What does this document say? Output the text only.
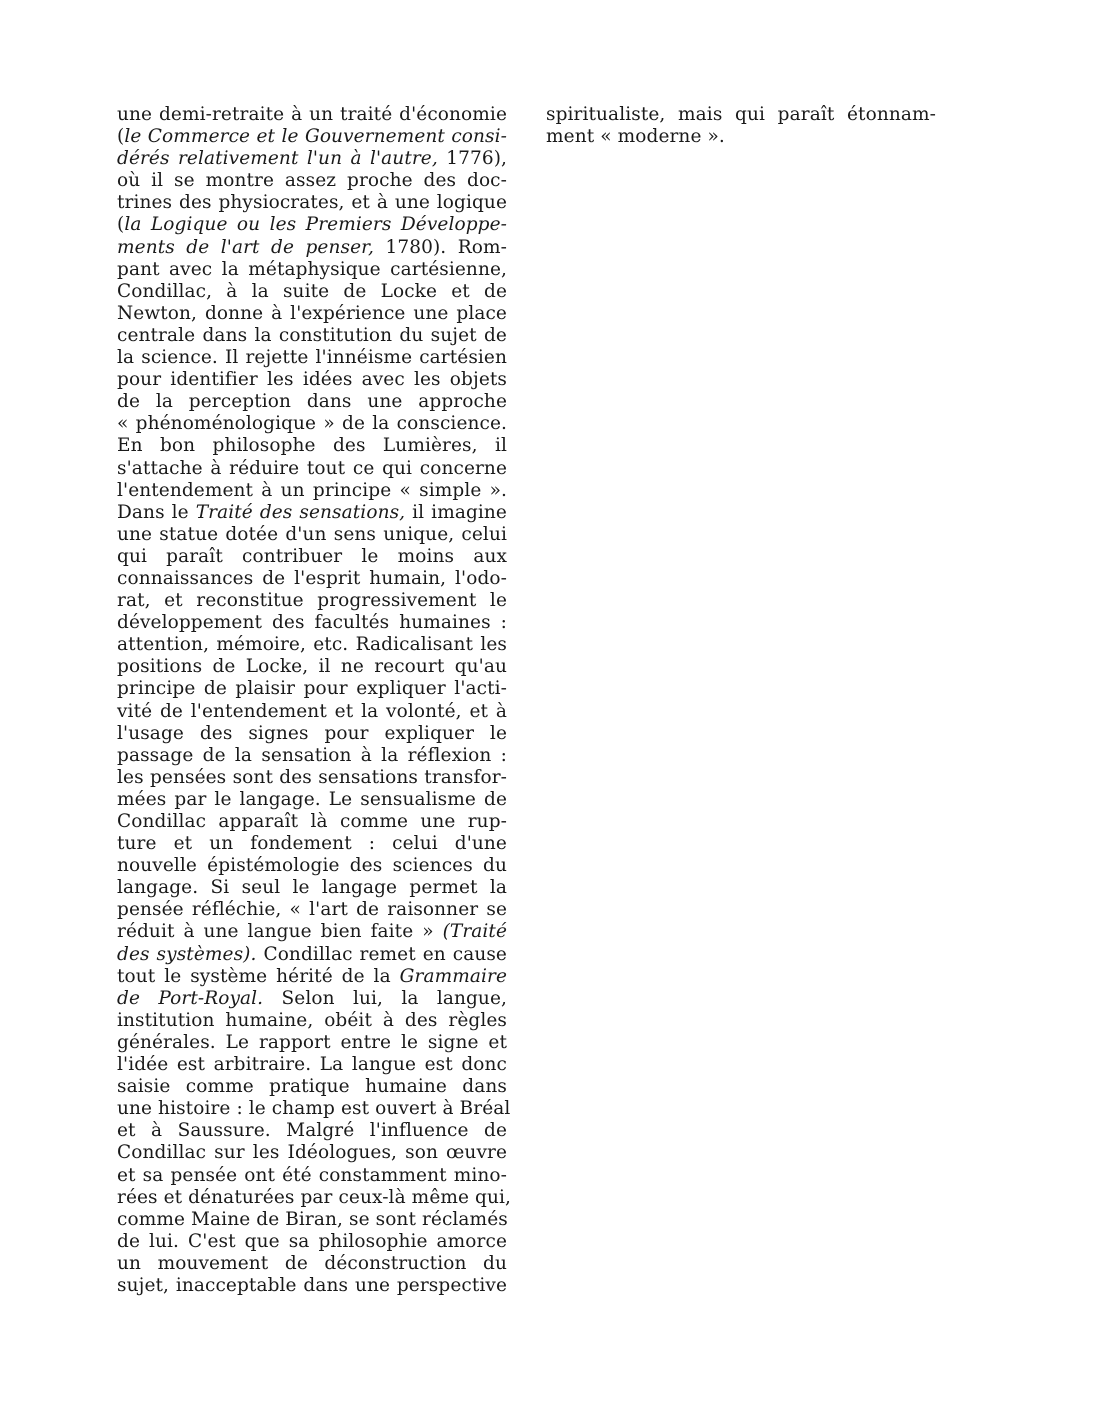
une demi-retraite à un traité d'économie
(le Commerce et le Gouvernement consi-
dérés relativement l'un à l'autre, 1776),
où il se montre assez proche des doc-
trines des physiocrates, et à une logique
(la Logique ou les Premiers Développe-
ments de l'art de penser, 1780). Rom-
pant avec la métaphysique cartésienne,
Condillac, à la suite de Locke et de
Newton, donne à l'expérience une place
centrale dans la constitution du sujet de
la science. Il rejette l'innéisme cartésien
pour identifier les idées avec les objets
de la perception dans une approche
« phénoménologique » de la conscience.
En bon philosophe des Lumières, il
s'attache à réduire tout ce qui concerne
l'entendement à un principe « simple ».
Dans le Traité des sensations, il imagine
une statue dotée d'un sens unique, celui
qui paraît contribuer le moins aux
connaissances de l'esprit humain, l'odo-
rat, et reconstitue progressivement le
développement des facultés humaines :
attention, mémoire, etc. Radicalisant les
positions de Locke, il ne recourt qu'au
principe de plaisir pour expliquer l'acti-
vité de l'entendement et la volonté, et à
l'usage des signes pour expliquer le
passage de la sensation à la réflexion :
les pensées sont des sensations transfor-
mées par le langage. Le sensualisme de
Condillac apparaît là comme une rup-
ture et un fondement : celui d'une
nouvelle épistémologie des sciences du
langage. Si seul le langage permet la
pensée réfléchie, « l'art de raisonner se
réduit à une langue bien faite » (Traité
des systèmes). Condillac remet en cause
tout le système hérité de la Grammaire
de Port-Royal. Selon lui, la langue,
institution humaine, obéit à des règles
générales. Le rapport entre le signe et
l'idée est arbitraire. La langue est donc
saisie comme pratique humaine dans
une histoire : le champ est ouvert à Bréal
et à Saussure. Malgré l'influence de
Condillac sur les Idéologues, son œuvre
et sa pensée ont été constamment mino-
rées et dénaturées par ceux-là même qui,
comme Maine de Biran, se sont réclamés
de lui. C'est que sa philosophie amorce
un mouvement de déconstruction du
sujet, inacceptable dans une perspective
spiritualiste, mais qui paraît étonnam-
ment « moderne ».
